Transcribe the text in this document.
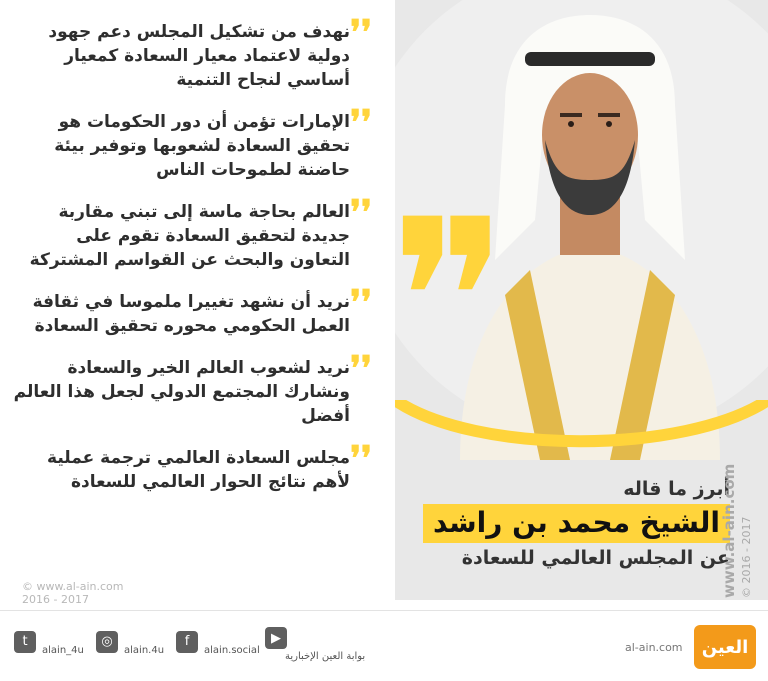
❞
❜❜
نهدف من تشكيل المجلس دعم جهود دولية لاعتماد معيار السعادة كمعيار أساسي لنجاح التنمية
❜❜
الإمارات تؤمن أن دور الحكومات هو تحقيق السعادة لشعوبها وتوفير بيئة حاضنة لطموحات الناس
❜❜
العالم بحاجة ماسة إلى تبني مقاربة جديدة لتحقيق السعادة تقوم على التعاون والبحث عن القواسم المشتركة
❜❜
نريد أن نشهد تغييرا ملموسا في ثقافة العمل الحكومي محوره تحقيق السعادة
❜❜
نريد لشعوب العالم الخير والسعادة ونشارك المجتمع الدولي لجعل هذا العالم أفضل
❜❜
مجلس السعادة العالمي ترجمة عملية لأهم نتائج الحوار العالمي للسعادة
© www.al-ain.com
2016 - 2017
أبرز ما قاله
الشيخ محمد بن راشد
عن المجلس العالمي للسعادة
www.al-ain.com © 2016 - 2017
t
alain_4u
◎
alain.4u
f
alain.social
▶
بوابة العين الإخبارية
al-ain.com	العين
